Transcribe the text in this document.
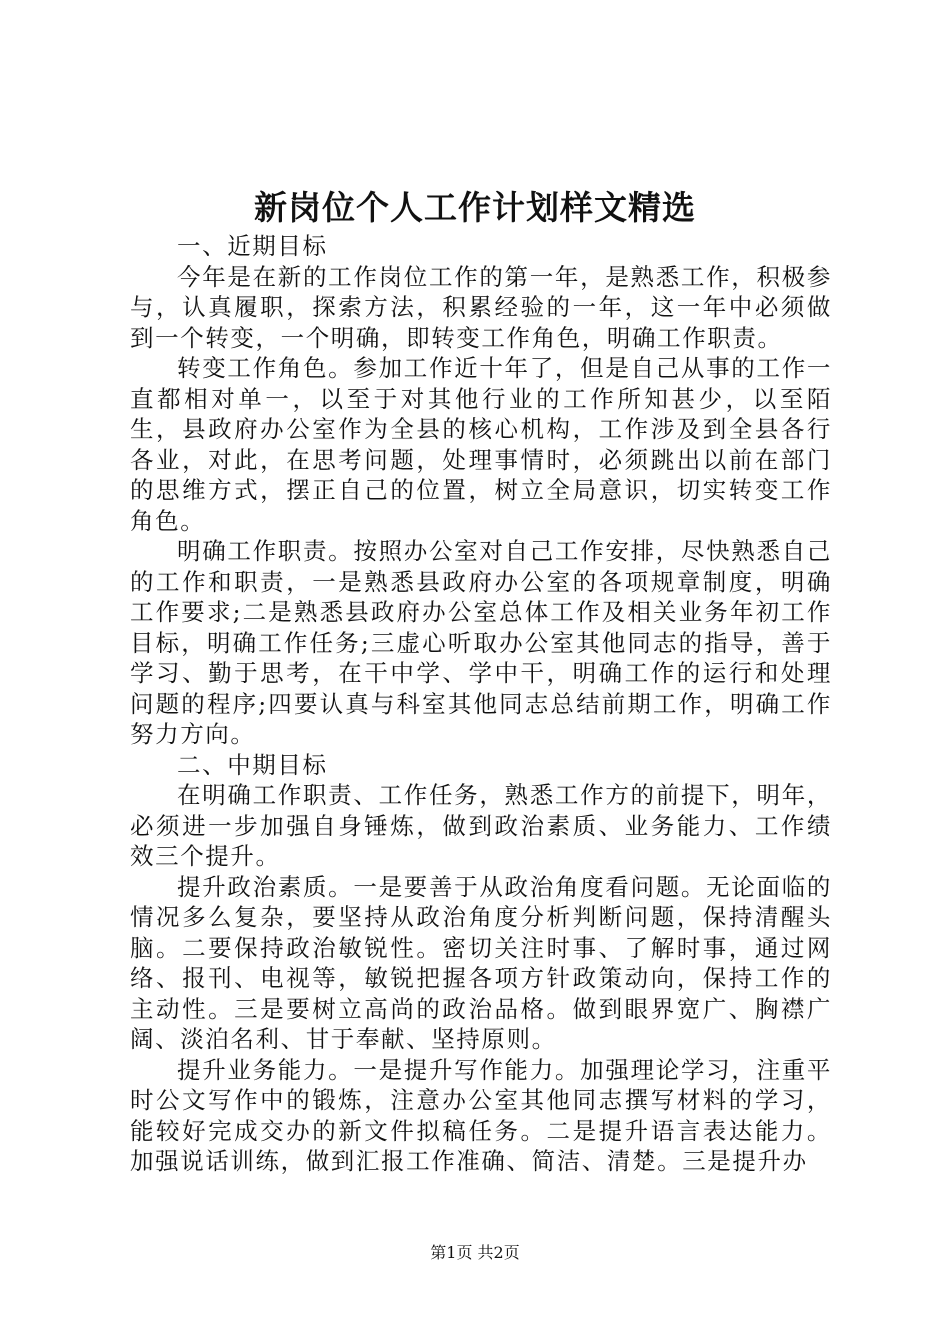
新岗位个人工作计划样文精选

一、近期目标

今年是在新的工作岗位工作的第一年，是熟悉工作，积极参与，认真履职，探索方法，积累经验的一年，这一年中必须做到一个转变，一个明确，即转变工作角色，明确工作职责。

转变工作角色。参加工作近十年了，但是自己从事的工作一直都相对单一，以至于对其他行业的工作所知甚少，以至陌生，县政府办公室作为全县的核心机构，工作涉及到全县各行各业，对此，在思考问题，处理事情时，必须跳出以前在部门的思维方式，摆正自己的位置，树立全局意识，切实转变工作角色。

明确工作职责。按照办公室对自己工作安排，尽快熟悉自己的工作和职责，一是熟悉县政府办公室的各项规章制度，明确工作要求;二是熟悉县政府办公室总体工作及相关业务年初工作目标，明确工作任务;三虚心听取办公室其他同志的指导，善于学习、勤于思考，在干中学、学中干，明确工作的运行和处理问题的程序;四要认真与科室其他同志总结前期工作，明确工作努力方向。

二、中期目标

在明确工作职责、工作任务，熟悉工作方的前提下，明年，必须进一步加强自身锤炼，做到政治素质、业务能力、工作绩效三个提升。

提升政治素质。一是要善于从政治角度看问题。无论面临的情况多么复杂，要坚持从政治角度分析判断问题，保持清醒头脑。二要保持政治敏锐性。密切关注时事、了解时事，通过网络、报刊、电视等，敏锐把握各项方针政策动向，保持工作的主动性。三是要树立高尚的政治品格。做到眼界宽广、胸襟广阔、淡泊名利、甘于奉献、坚持原则。

提升业务能力。一是提升写作能力。加强理论学习，注重平时公文写作中的锻炼，注意办公室其他同志撰写材料的学习，能较好完成交办的新文件拟稿任务。二是提升语言表达能力。加强说话训练，做到汇报工作准确、简洁、清楚。三是提升办

第1页 共2页
